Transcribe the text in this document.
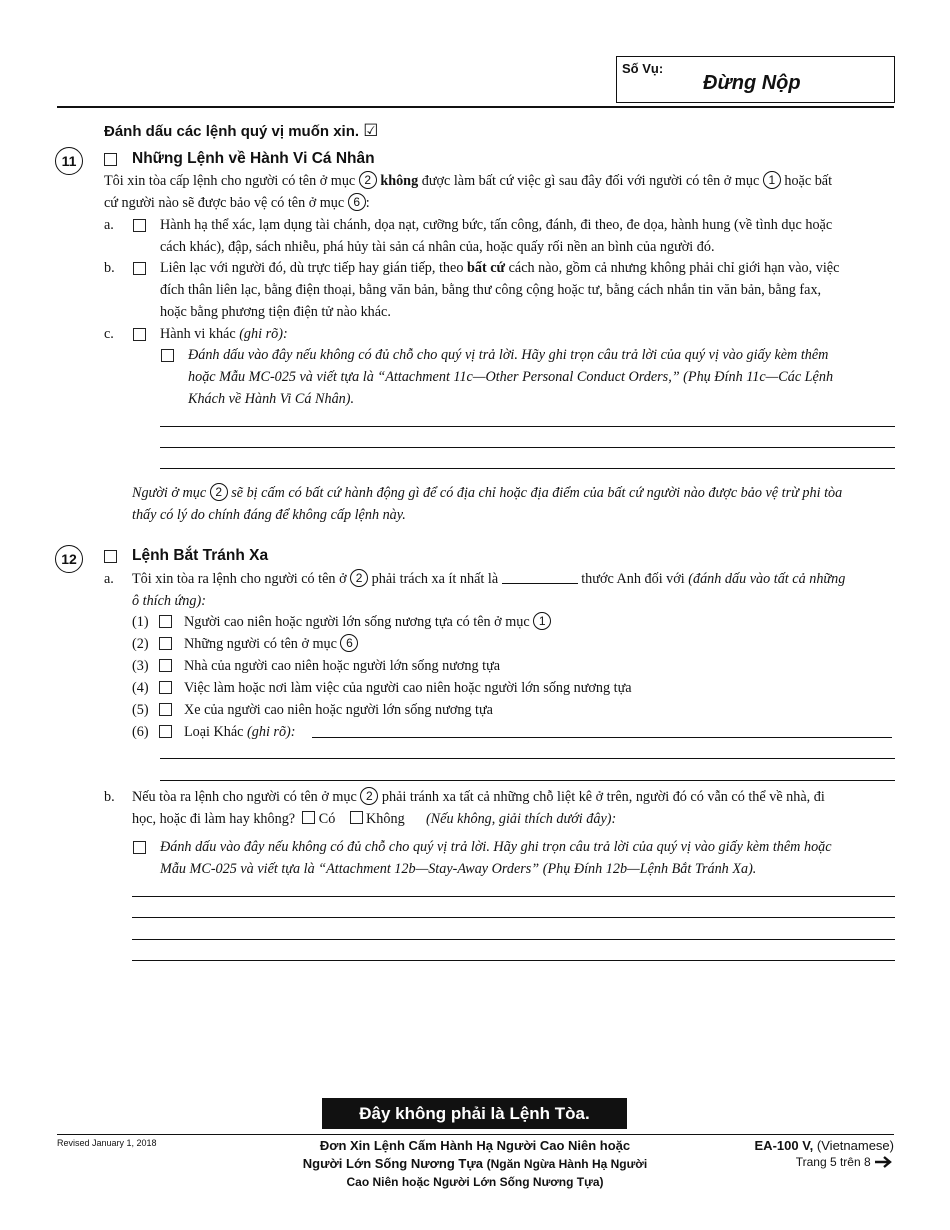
Số Vụ:
Đừng Nộp
Đánh dấu các lệnh quý vị muốn xin. ☑
11	Những Lệnh về Hành Vi Cá Nhân
Tôi xin tòa cấp lệnh cho người có tên ở mục 2 không được làm bất cứ việc gì sau đây đối với người có tên ở mục 1 hoặc bất
cứ người nào sẽ được bảo vệ có tên ở mục 6 :
a.	Hành hạ thể xác, lạm dụng tài chánh, dọa nạt, cưỡng bức, tấn công, đánh, đi theo, đe dọa, hành hung (về tình dục hoặc
cách khác), đập, sách nhiễu, phá hủy tài sản cá nhân của, hoặc quấy rối nền an bình của người đó.
b.	Liên lạc với người đó, dù trực tiếp hay gián tiếp, theo bất cứ cách nào, gồm cả nhưng không phải chỉ giới hạn vào, việc
đích thân liên lạc, bằng điện thoại, bằng văn bản, bằng thư công cộng hoặc tư, bằng cách nhắn tin văn bản, bằng fax,
hoặc bằng phương tiện điện tử nào khác.
c.	Hành vi khác (ghi rõ):
Đánh dấu vào đây nếu không có đủ chỗ cho quý vị trả lời. Hãy ghi trọn câu trả lời của quý vị vào giấy kèm thêm
hoặc Mẫu MC-025 và viết tựa là “Attachment 11c—Other Personal Conduct Orders,” (Phụ Đính 11c—Các Lệnh
Khách về Hành Vi Cá Nhân).
Người ở mục 2 sẽ bị cấm có bất cứ hành động gì để có địa chỉ hoặc địa điểm của bất cứ người nào được bảo vệ trừ phi tòa
thấy có lý do chính đáng để không cấp lệnh này.
12	Lệnh Bắt Tránh Xa
a. Tôi xin tòa ra lệnh cho người có tên ở 2 phải trách xa ít nhất là	thước Anh đối với (đánh dấu vào tất cả những
ô thích ứng):
(1) Người cao niên hoặc người lớn sống nương tựa có tên ở mục 1
(2) Những người có tên ở mục 6
(3) Nhà của người cao niên hoặc người lớn sống nương tựa
(4) Việc làm hoặc nơi làm việc của người cao niên hoặc người lớn sống nương tựa
(5) Xe của người cao niên hoặc người lớn sống nương tựa
(6) Loại Khác (ghi rõ):
b. Nếu tòa ra lệnh cho người có tên ở mục 2 phải tránh xa tất cả những chỗ liệt kê ở trên, người đó có vẫn có thể về nhà, đi
học, hoặc đi làm hay không? Có Không (Nếu không, giải thích dưới đây):
Đánh dấu vào đây nếu không có đủ chỗ cho quý vị trả lời. Hãy ghi trọn câu trả lời của quý vị vào giấy kèm thêm hoặc
Mẫu MC-025 và viết tựa là “Attachment 12b—Stay-Away Orders” (Phụ Đính 12b—Lệnh Bắt Tránh Xa).
Đây không phải là Lệnh Tòa.
Revised January 1, 2018	Đơn Xin Lệnh Cấm Hành Hạ Người Cao Niên hoặc
Người Lớn Sống Nương Tựa (Ngăn Ngừa Hành Hạ Người
Cao Niên hoặc Người Lớn Sống Nương Tựa)
EA-100 V, (Vietnamese)
Trang 5 trên 8
